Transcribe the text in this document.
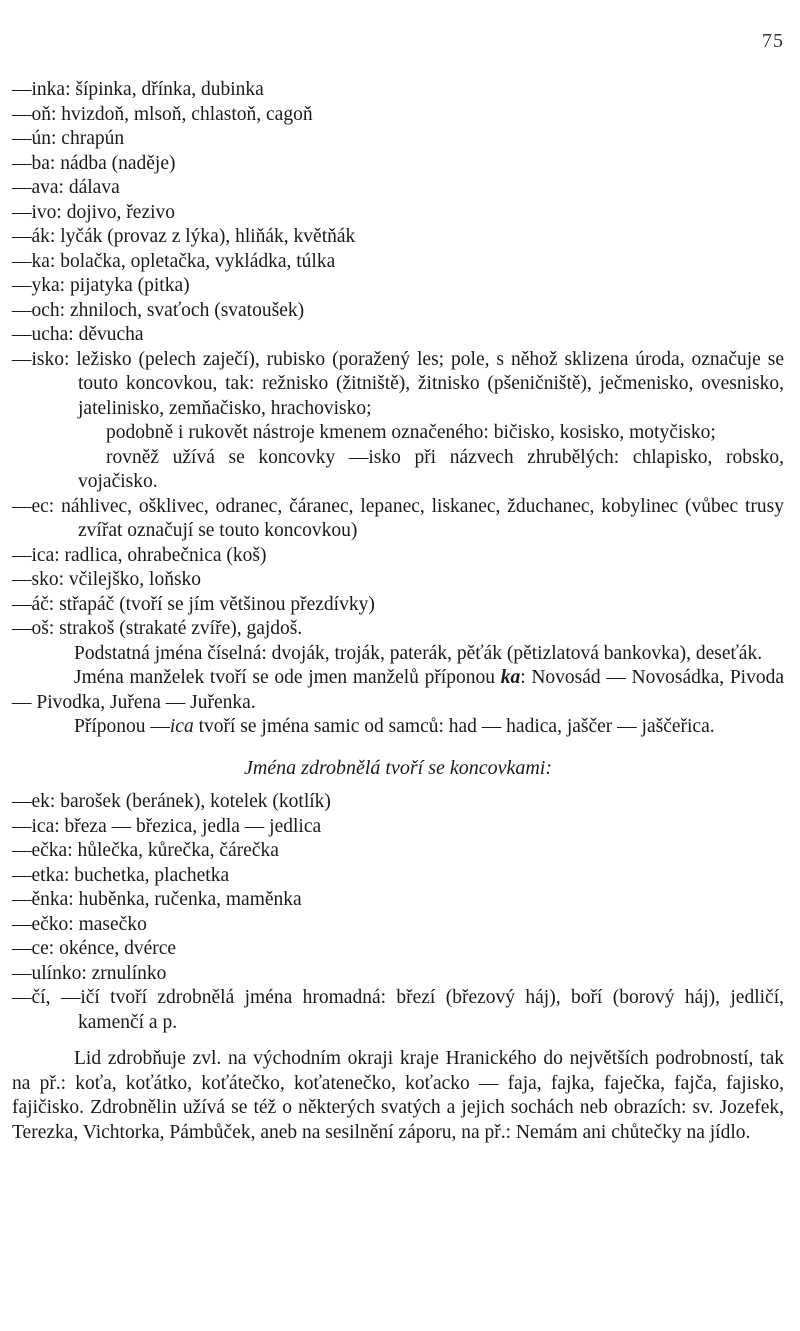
75
—inka: šípinka, dřínka, dubinka
—oň: hvizdoň, mlsoň, chlastoň, cagoň
—ún: chrapún
—ba: nádba (naděje)
—ava: dálava
—ivo: dojivo, řezivo
—ák: lyčák (provaz z lýka), hliňák, květňák
—ka: bolačka, opletačka, vykládka, túlka
—yka: pijatyka (pitka)
—och: zhniloch, svaťoch (svatoušek)
—ucha: děvucha
—isko: ležisko (pelech zaječí), rubisko (poražený les; pole, s něhož sklizena úroda, označuje se touto koncovkou, tak: režnisko (žitniště), žitnisko (pšeničniště), ječmenisko, ovesnisko, jatelinisko, zemňačisko, hrachovisko;
podobně i rukovět nástroje kmenem označeného: bičisko, kosisko, motyčisko;
rovněž užívá se koncovky —isko při názvech zhrubělých: chlapisko, robsko, vojačisko.
—ec: náhlivec, ošklivec, odranec, čáranec, lepanec, liskanec, žduchanec, kobylinec (vůbec trusy zvířat označují se touto koncovkou)
—ica: radlica, ohrabečnica (koš)
—sko: včilejško, loňsko
—áč: střapáč (tvoří se jím většinou přezdívky)
—oš: strakoš (strakaté zvíře), gajdoš.
Podstatná jména číselná: dvoják, troják, paterák, pěťák (pětizlatová bankovka), deseťák.
Jména manželek tvoří se ode jmen manželů příponou ka: Novosád — Novosádka, Pivoda — Pivodka, Juřena — Juřenka.
Příponou —ica tvoří se jména samic od samců: had — hadica, jaščer — jaščeřica.
Jména zdrobnělá tvoří se koncovkami:
—ek: barošek (beránek), kotelek (kotlík)
—ica: březa — březica, jedla — jedlica
—ečka: hůlečka, kůrečka, čárečka
—etka: buchetka, plachetka
—ěnka: huběnka, ručenka, maměnka
—ečko: masečko
—ce: okénce, dvérce
—ulínko: zrnulínko
—čí, —ičí tvoří zdrobnělá jména hromadná: březí (březový háj), boří (borový háj), jedličí, kamenčí a p.
Lid zdrobňuje zvl. na východním okraji kraje Hranického do největších podrobností, tak na př.: koťa, koťátko, koťátečko, koťatenečko, koťacko — faja, fajka, faječka, fajča, fajisko, fajičisko. Zdrobnělin užívá se též o některých svatých a jejich sochách neb obrazích: sv. Jozefek, Terezka, Vichtorka, Pámbůček, aneb na sesilnění záporu, na př.: Nemám ani chůtečky na jídlo.
